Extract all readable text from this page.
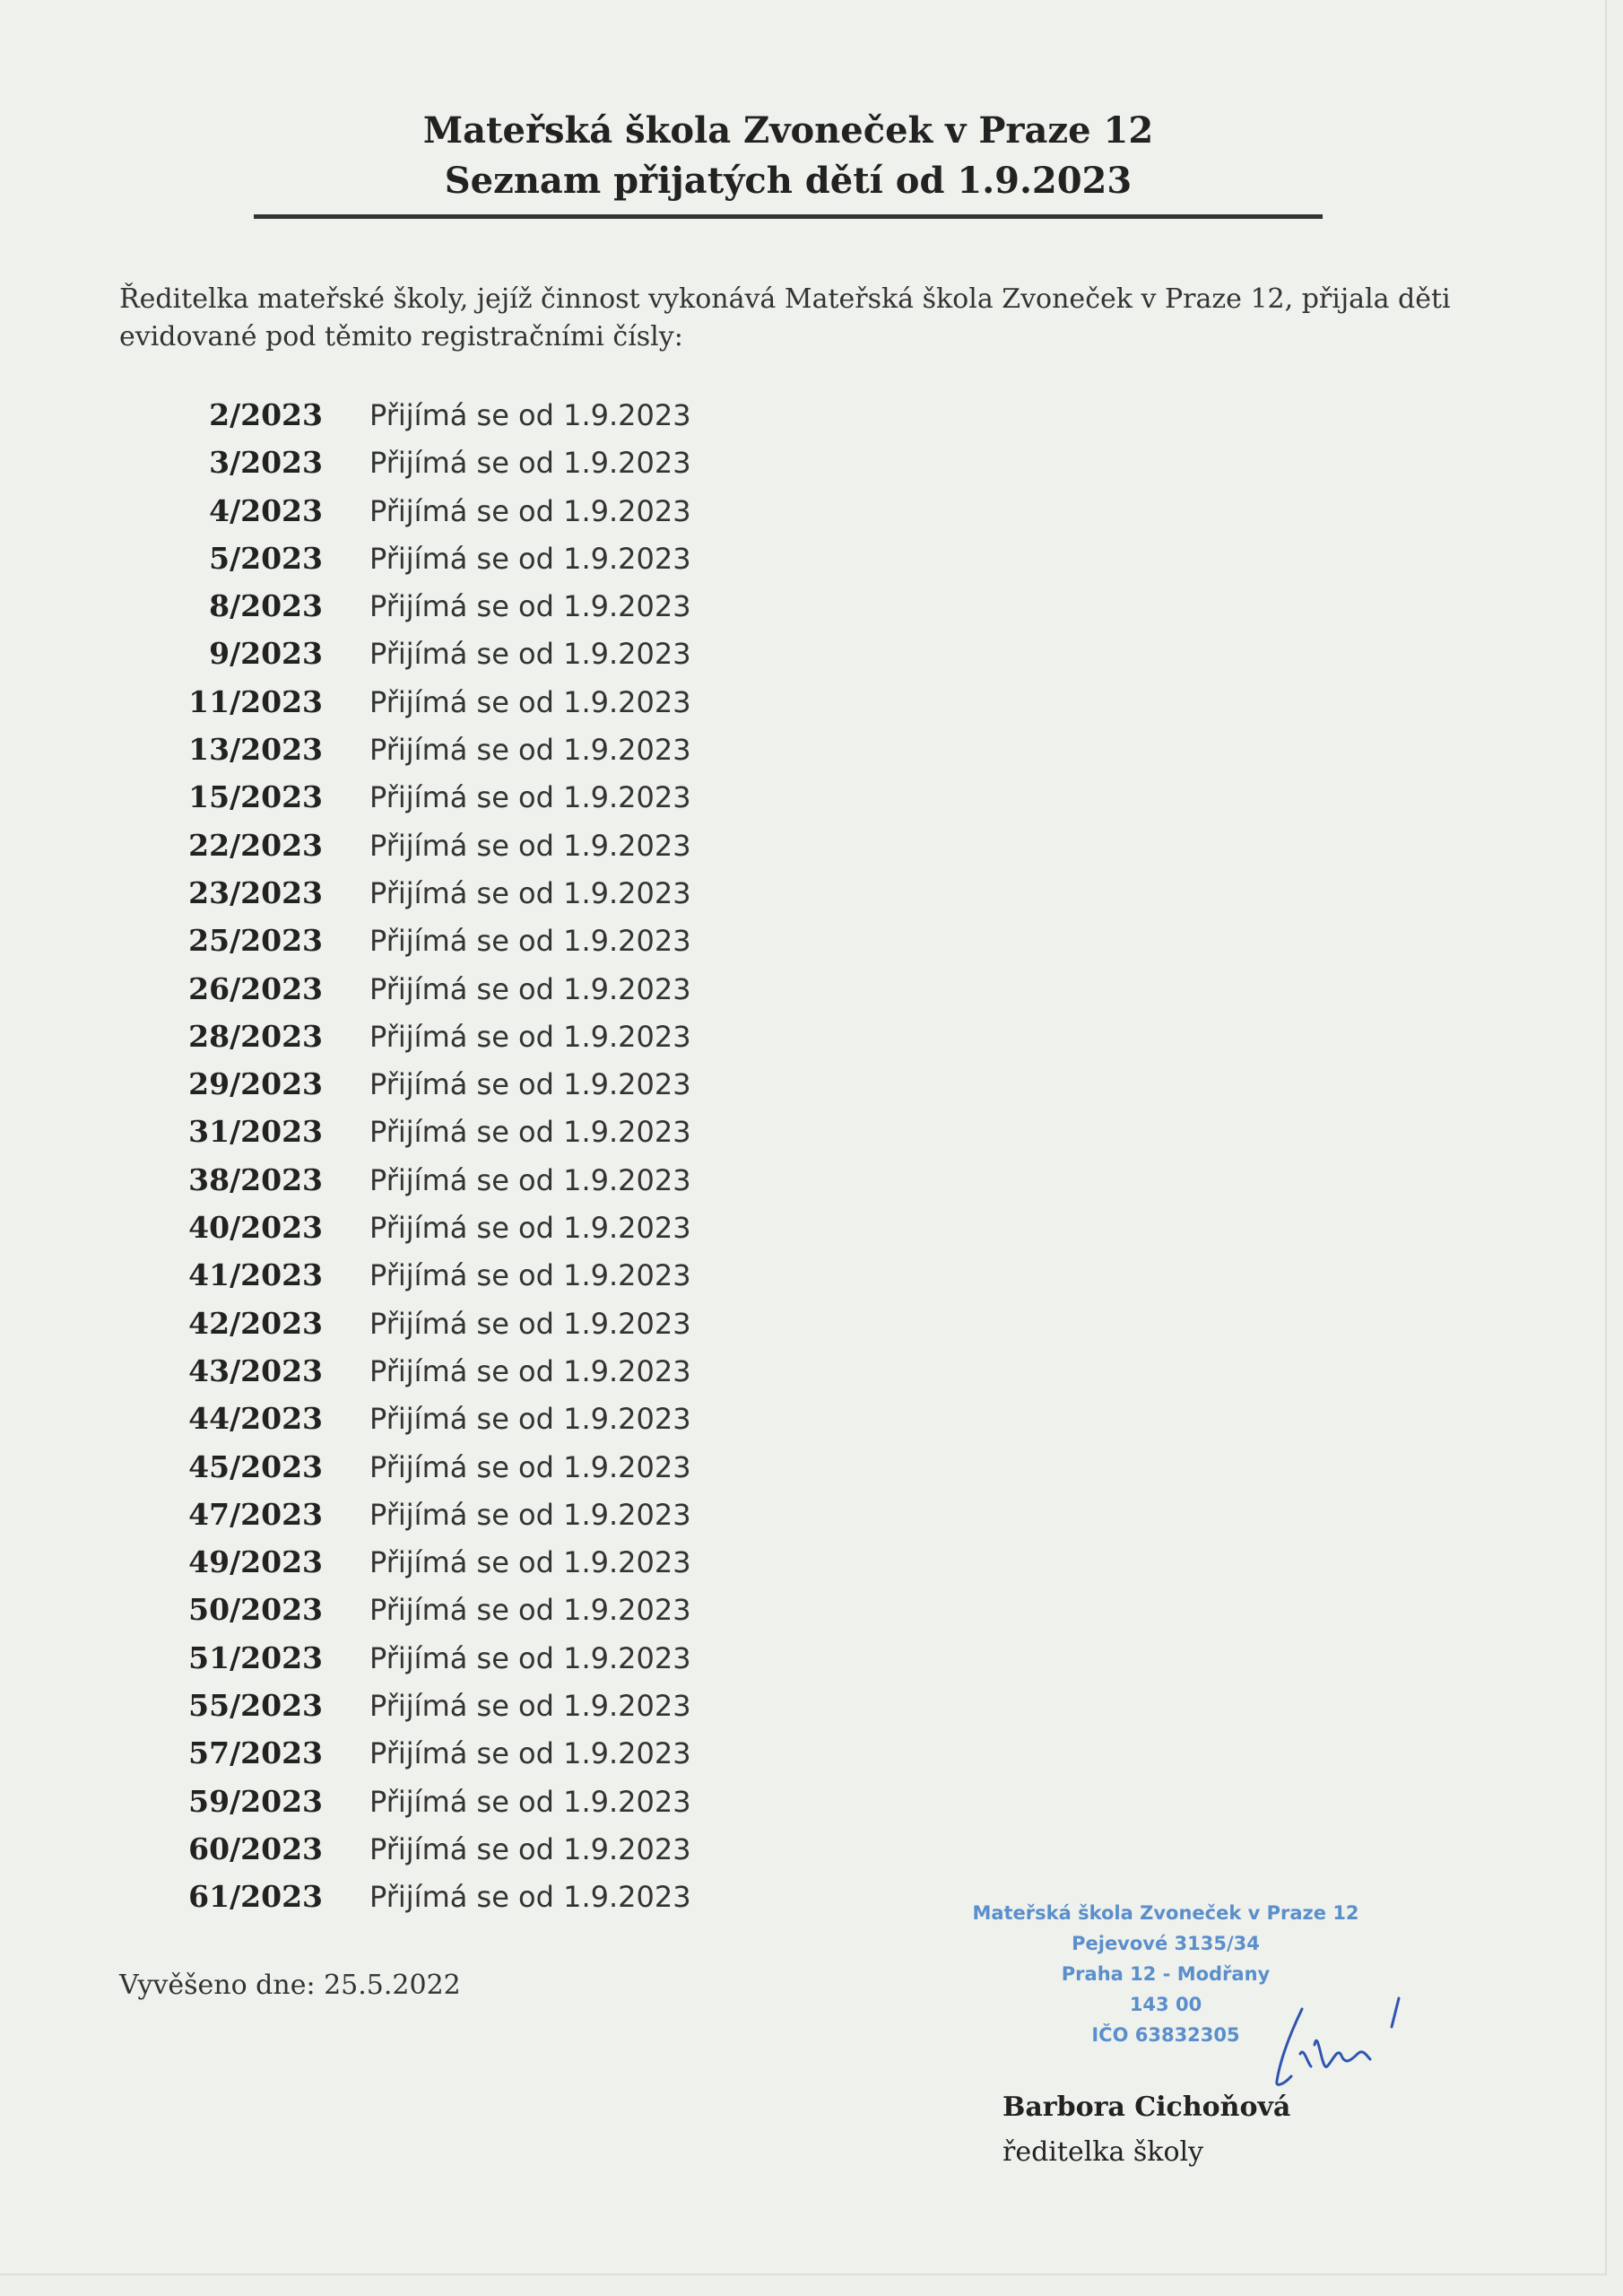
Mateřská škola Zvoneček v Praze 12
Seznam přijatých dětí od 1.9.2023
Ředitelka mateřské školy, jejíž činnost vykonává Mateřská škola Zvoneček v Praze 12, přijala děti evidované pod těmito registračními čísly:
2/2023 Přijímá se od 1.9.2023
3/2023 Přijímá se od 1.9.2023
4/2023 Přijímá se od 1.9.2023
5/2023 Přijímá se od 1.9.2023
8/2023 Přijímá se od 1.9.2023
9/2023 Přijímá se od 1.9.2023
11/2023 Přijímá se od 1.9.2023
13/2023 Přijímá se od 1.9.2023
15/2023 Přijímá se od 1.9.2023
22/2023 Přijímá se od 1.9.2023
23/2023 Přijímá se od 1.9.2023
25/2023 Přijímá se od 1.9.2023
26/2023 Přijímá se od 1.9.2023
28/2023 Přijímá se od 1.9.2023
29/2023 Přijímá se od 1.9.2023
31/2023 Přijímá se od 1.9.2023
38/2023 Přijímá se od 1.9.2023
40/2023 Přijímá se od 1.9.2023
41/2023 Přijímá se od 1.9.2023
42/2023 Přijímá se od 1.9.2023
43/2023 Přijímá se od 1.9.2023
44/2023 Přijímá se od 1.9.2023
45/2023 Přijímá se od 1.9.2023
47/2023 Přijímá se od 1.9.2023
49/2023 Přijímá se od 1.9.2023
50/2023 Přijímá se od 1.9.2023
51/2023 Přijímá se od 1.9.2023
55/2023 Přijímá se od 1.9.2023
57/2023 Přijímá se od 1.9.2023
59/2023 Přijímá se od 1.9.2023
60/2023 Přijímá se od 1.9.2023
61/2023 Přijímá se od 1.9.2023
Vyvěšeno dne: 25.5.2022
Mateřská škola Zvoneček v Praze 12
Pejevové 3135/34
Praha 12 - Modřany
143 00
IČO 63832305
Barbora Cichoňová
ředitelka školy
